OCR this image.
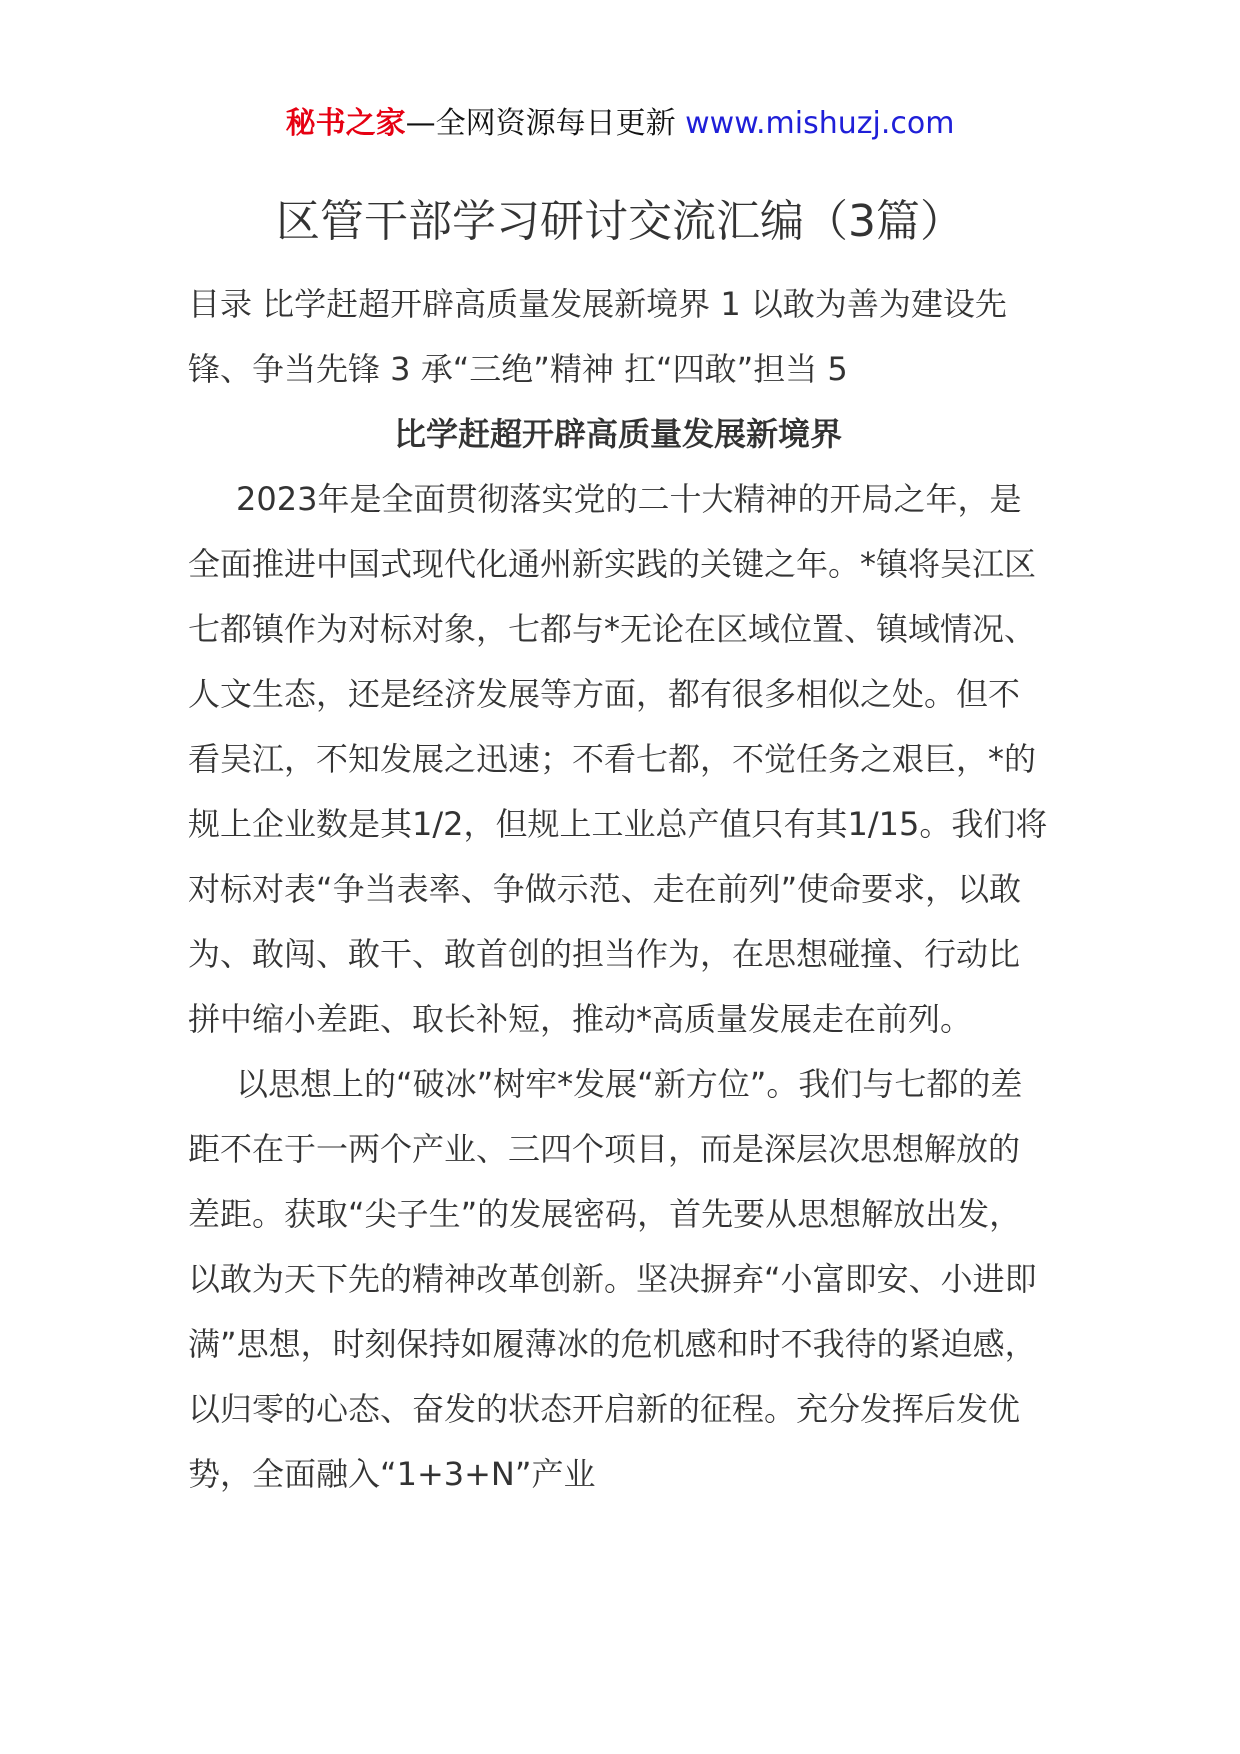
秘书之家—全网资源每日更新 www.mishuzj.com
区管干部学习研讨交流汇编（3篇）

目录 比学赶超开辟高质量发展新境界 1 以敢为善为建设先锋、争当先锋 3 承“三绝”精神 扛“四敢”担当 5

比学赶超开辟高质量发展新境界

2023年是全面贯彻落实党的二十大精神的开局之年，是全面推进中国式现代化通州新实践的关键之年。*镇将吴江区七都镇作为对标对象，七都与*无论在区域位置、镇域情况、人文生态，还是经济发展等方面，都有很多相似之处。但不看吴江，不知发展之迅速；不看七都，不觉任务之艰巨，*的规上企业数是其1/2，但规上工业总产值只有其1/15。我们将对标对表“争当表率、争做示范、走在前列”使命要求，以敢为、敢闯、敢干、敢首创的担当作为，在思想碰撞、行动比拼中缩小差距、取长补短，推动*高质量发展走在前列。

以思想上的“破冰”树牢*发展“新方位”。我们与七都的差距不在于一两个产业、三四个项目，而是深层次思想解放的差距。获取“尖子生”的发展密码，首先要从思想解放出发，以敢为天下先的精神改革创新。坚决摒弃“小富即安、小进即满”思想，时刻保持如履薄冰的危机感和时不我待的紧迫感，以归零的心态、奋发的状态开启新的征程。充分发挥后发优势，全面融入“1+3+N”产业
